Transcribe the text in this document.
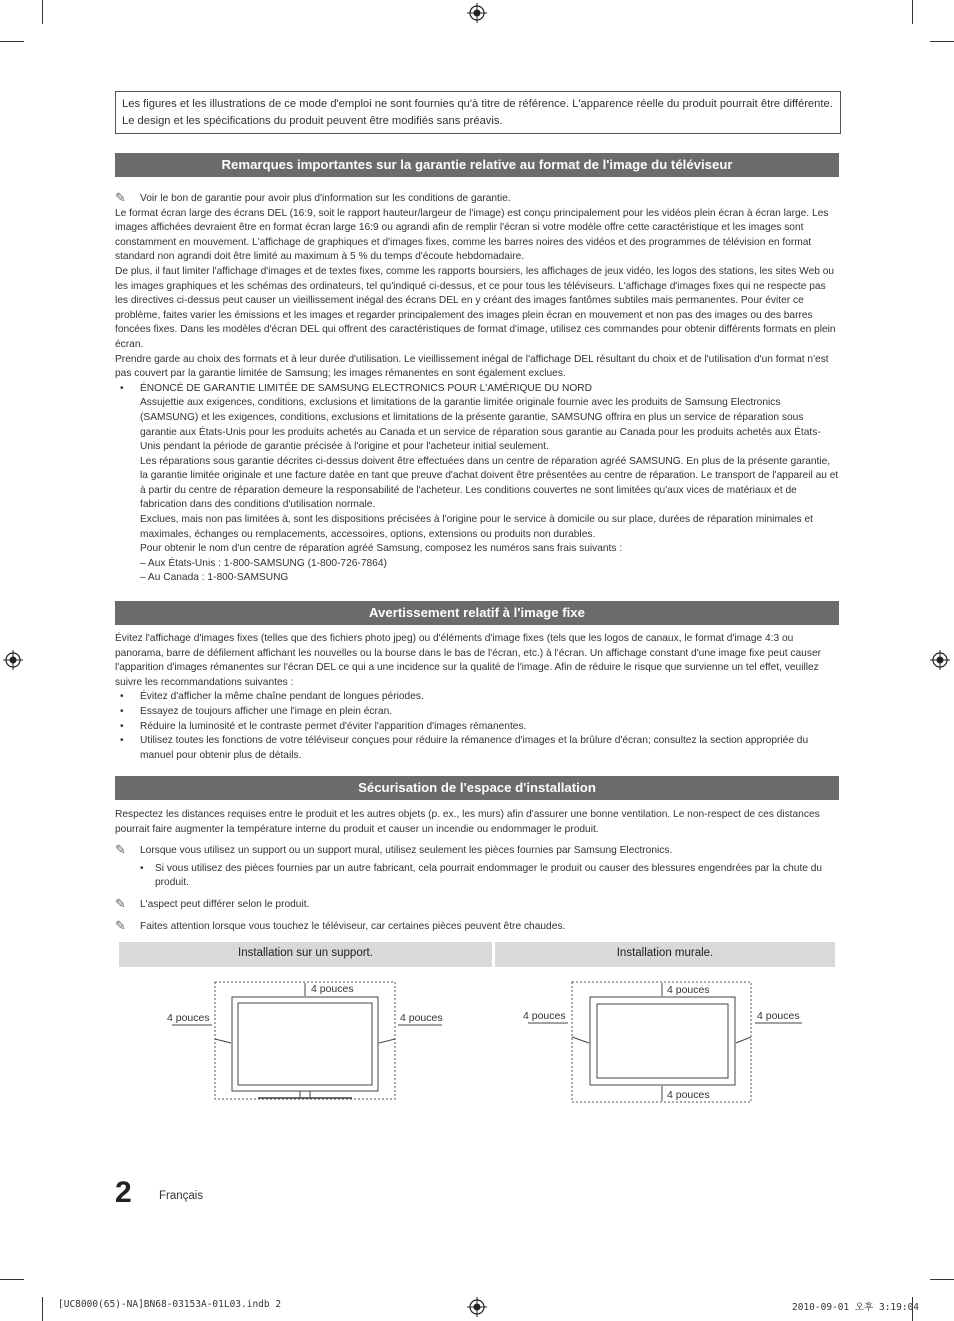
Les figures et les illustrations de ce mode d'emploi ne sont fournies qu'à titre de référence. L'apparence réelle du produit pourrait être différente. Le design et les spécifications du produit peuvent être modifiés sans préavis.
Remarques importantes sur la garantie relative au format de l'image du téléviseur

✎ Voir le bon de garantie pour avoir plus d'information sur les conditions de garantie.

Le format écran large des écrans DEL (16:9, soit le rapport hauteur/largeur de l'image) est conçu principalement pour les vidéos plein écran à écran large. Les images affichées devraient être en format écran large 16:9 ou agrandi afin de remplir l'écran si votre modèle offre cette caractéristique et les images sont constamment en mouvement. L'affichage de graphiques et d'images fixes, comme les barres noires des vidéos et des programmes de télévision en format standard non agrandi doit être limité au maximum à 5 % du temps d'écoute hebdomadaire.

De plus, il faut limiter l'affichage d'images et de textes fixes, comme les rapports boursiers, les affichages de jeux vidéo, les logos des stations, les sites Web ou les images graphiques et les schémas des ordinateurs, tel qu'indiqué ci-dessus, et ce pour tous les téléviseurs. L'affichage d'images fixes qui ne respecte pas les directives ci-dessus peut causer un vieillissement inégal des écrans DEL en y créant des images fantômes subtiles mais permanentes. Pour éviter ce problème, faites varier les émissions et les images et regarder principalement des images plein écran en mouvement et non pas des images ou des barres foncées fixes. Dans les modèles d'écran DEL qui offrent des caractéristiques de format d'image, utilisez ces commandes pour obtenir différents formats en plein écran.

Prendre garde au choix des formats et à leur durée d'utilisation. Le vieillissement inégal de l'affichage DEL résultant du choix et de l'utilisation d'un format n'est pas couvert par la garantie limitée de Samsung; les images rémanentes en sont également exclues.

• ÉNONCÉ DE GARANTIE LIMITÉE DE SAMSUNG ELECTRONICS POUR L'AMÉRIQUE DU NORD

Assujettie aux exigences, conditions, exclusions et limitations de la garantie limitée originale fournie avec les produits de Samsung Electronics (SAMSUNG) et les exigences, conditions, exclusions et limitations de la présente garantie, SAMSUNG offrira en plus un service de réparation sous garantie aux États-Unis pour les produits achetés au Canada et un service de réparation sous garantie au Canada pour les produits achetés aux États-Unis pendant la période de garantie précisée à l'origine et pour l'acheteur initial seulement.

Les réparations sous garantie décrites ci-dessus doivent être effectuées dans un centre de réparation agréé SAMSUNG. En plus de la présente garantie, la garantie limitée originale et une facture datée en tant que preuve d'achat doivent être présentées au centre de réparation. Le transport de l'appareil au et à partir du centre de réparation demeure la responsabilité de l'acheteur. Les conditions couvertes ne sont limitées qu'aux vices de matériaux et de fabrication dans des conditions d'utilisation normale.

Exclues, mais non pas limitées à, sont les dispositions précisées à l'origine pour le service à domicile ou sur place, durées de réparation minimales et maximales, échanges ou remplacements, accessoires, options, extensions ou produits non durables.

Pour obtenir le nom d'un centre de réparation agréé Samsung, composez les numéros sans frais suivants :

– Aux États-Unis : 1-800-SAMSUNG (1-800-726-7864)

– Au Canada : 1-800-SAMSUNG

Avertissement relatif à l'image fixe

Évitez l'affichage d'images fixes (telles que des fichiers photo jpeg) ou d'éléments d'image fixes (tels que les logos de canaux, le format d'image 4:3 ou panorama, barre de défilement affichant les nouvelles ou la bourse dans le bas de l'écran, etc.) à l'écran. Un affichage constant d'une image fixe peut causer l'apparition d'images rémanentes sur l'écran DEL ce qui a une incidence sur la qualité de l'image. Afin de réduire le risque que survienne un tel effet, veuillez suivre les recommandations suivantes :

• Évitez d'afficher la même chaîne pendant de longues périodes.

• Essayez de toujours afficher une l'image en plein écran.

• Réduire la luminosité et le contraste permet d'éviter l'apparition d'images rémanentes.

• Utilisez toutes les fonctions de votre téléviseur conçues pour réduire la rémanence d'images et la brûlure d'écran; consultez la section appropriée du manuel pour obtenir plus de détails.

Sécurisation de l'espace d'installation

Respectez les distances requises entre le produit et les autres objets (p. ex., les murs) afin d'assurer une bonne ventilation. Le non-respect de ces distances pourrait faire augmenter la température interne du produit et causer un incendie ou endommager le produit.

✎ Lorsque vous utilisez un support ou un support mural, utilisez seulement les pièces fournies par Samsung Electronics.

• Si vous utilisez des pièces fournies par un autre fabricant, cela pourrait endommager le produit ou causer des blessures engendrées par la chute du produit.

✎ L'aspect peut différer selon le produit.

✎ Faites attention lorsque vous touchez le téléviseur, car certaines pièces peuvent être chaudes.

Installation sur un support.	Installation murale.
4 pouces
4 pouces	4 pouces
4 pouces
4 pouces	4 pouces
4 pouces
2 Français
[UC8000(65)-NA]BN68-03153A-01L03.indb 2	2010-09-01 오후 3:19:04
